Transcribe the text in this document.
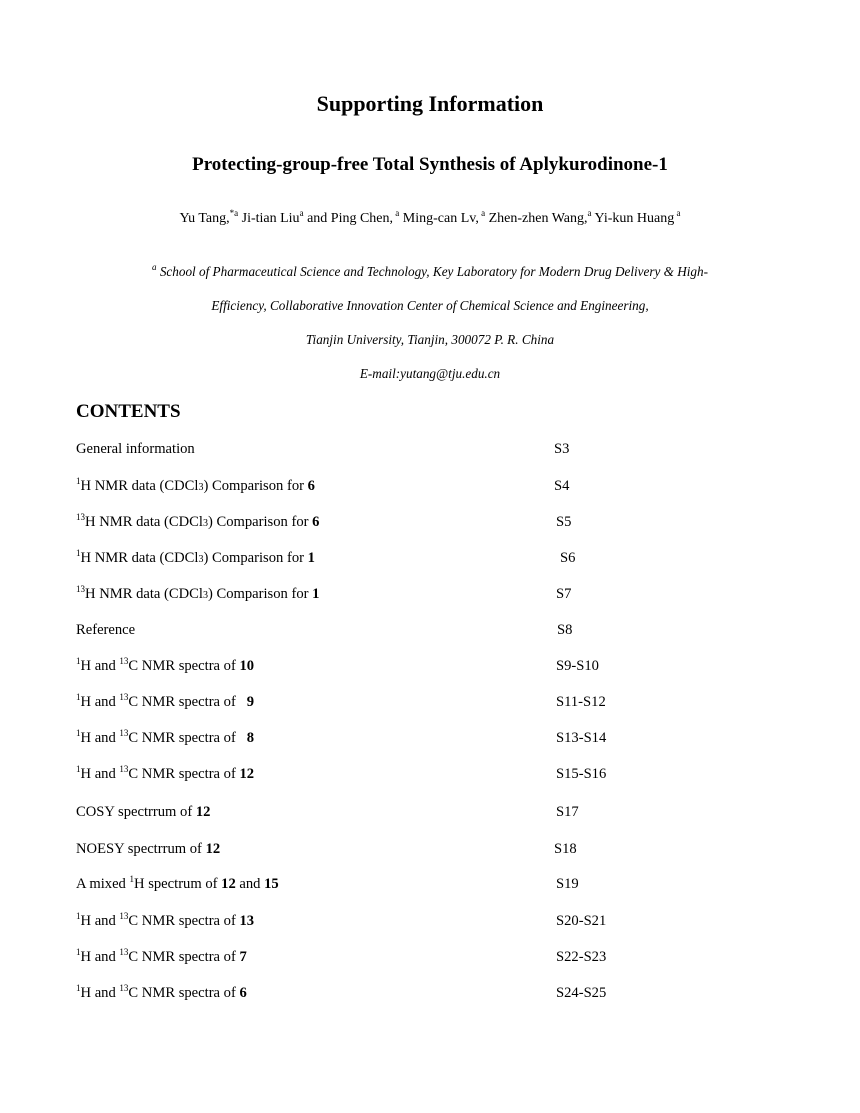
Supporting Information
Protecting-group-free Total Synthesis of Aplykurodinone-1
Yu Tang,$^{*a}$ Ji-tian Liu$^a$ and Ping Chen, $^a$ Ming-can Lv, $^a$ Zhen-zhen Wang,$^a$ Yi-kun Huang $^a$
$^a$ School of Pharmaceutical Science and Technology, Key Laboratory for Modern Drug Delivery & High-
Efficiency, Collaborative Innovation Center of Chemical Science and Engineering,
Tianjin University, Tianjin, 300072 P. R. China
E-mail:yutang@tju.edu.cn
CONTENTS
General information	S3
$^1$H NMR data (CDCl3) Comparison for 6	S4
$^{13}$H NMR data (CDCl3) Comparison for 6	S5
$^1$H NMR data (CDCl3) Comparison for 1	S6
$^{13}$H NMR data (CDCl3) Comparison for 1	S7
Reference	S8
$^1$H and $^{13}$C NMR spectra of 10	S9-S10
$^1$H and $^{13}$C NMR spectra of   9	S11-S12
$^1$H and $^{13}$C NMR spectra of   8	S13-S14
$^1$H and $^{13}$C NMR spectra of 12	S15-S16
COSY spectrrum of 12	S17
NOESY spectrrum of 12	S18
A mixed $^1$H spectrum of 12 and 15	S19
$^1$H and $^{13}$C NMR spectra of 13	S20-S21
$^1$H and $^{13}$C NMR spectra of 7	S22-S23
$^1$H and $^{13}$C NMR spectra of 6	S24-S25
